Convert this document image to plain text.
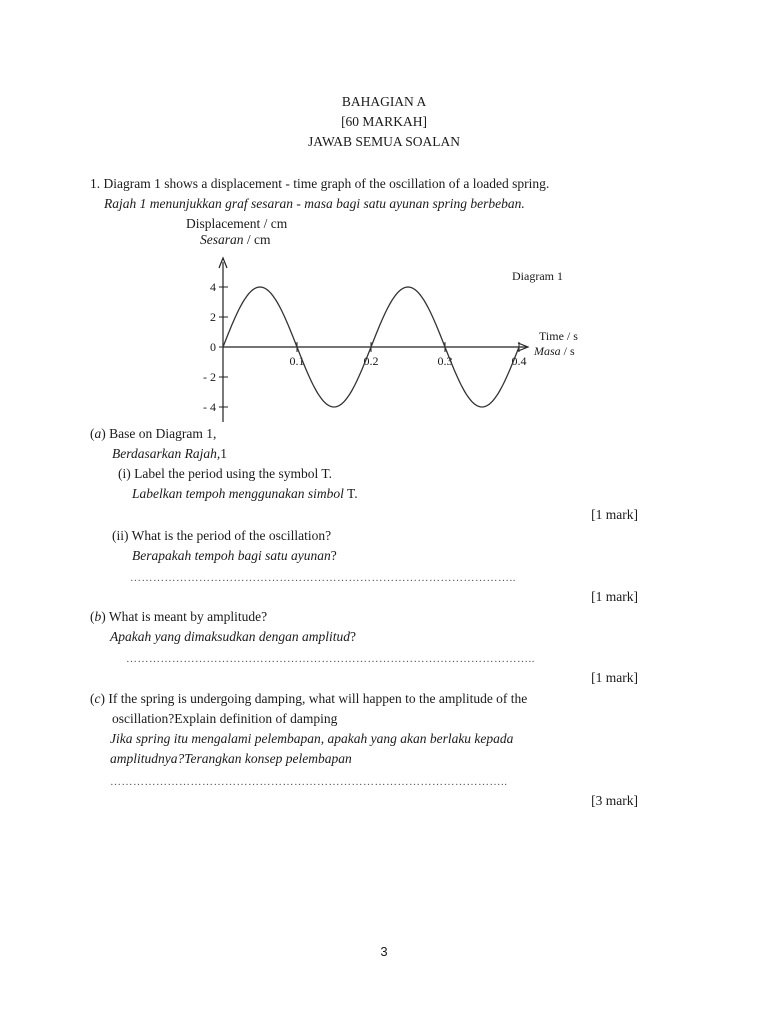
BAHAGIAN A
[60 MARKAH]
JAWAB SEMUA SOALAN
1. Diagram 1 shows a displacement - time graph of the oscillation of a loaded spring.
Rajah 1 menunjukkan graf sesaran - masa bagi satu ayunan spring berbeban.
Displacement / cm
Sesaran / cm
4
2
0
- 2
- 4
0.1	0.2	0.3	0.4
Diagram 1
Time / s
Masa / s
(a) Base on Diagram 1,
Berdasarkan Rajah,1
(i) Label the period using the symbol T.
Labelkan tempoh menggunakan simbol T.
[1 mark]
(ii) What is the period of the oscillation?
Berapakah tempoh bagi satu ayunan?
………………………………………………………………………………………..
[1 mark]
(b) What is meant by amplitude?
Apakah yang dimaksudkan dengan amplitud?
……………………………………………………………………………………………..
[1 mark]
(c) If the spring is undergoing damping, what will happen to the amplitude of the
oscillation?Explain definition of damping
Jika spring itu mengalami pelembapan, apakah yang akan berlaku kepada
amplitudnya?Terangkan konsep pelembapan
…………………………………………………………………………………………..
[3 mark]
3
